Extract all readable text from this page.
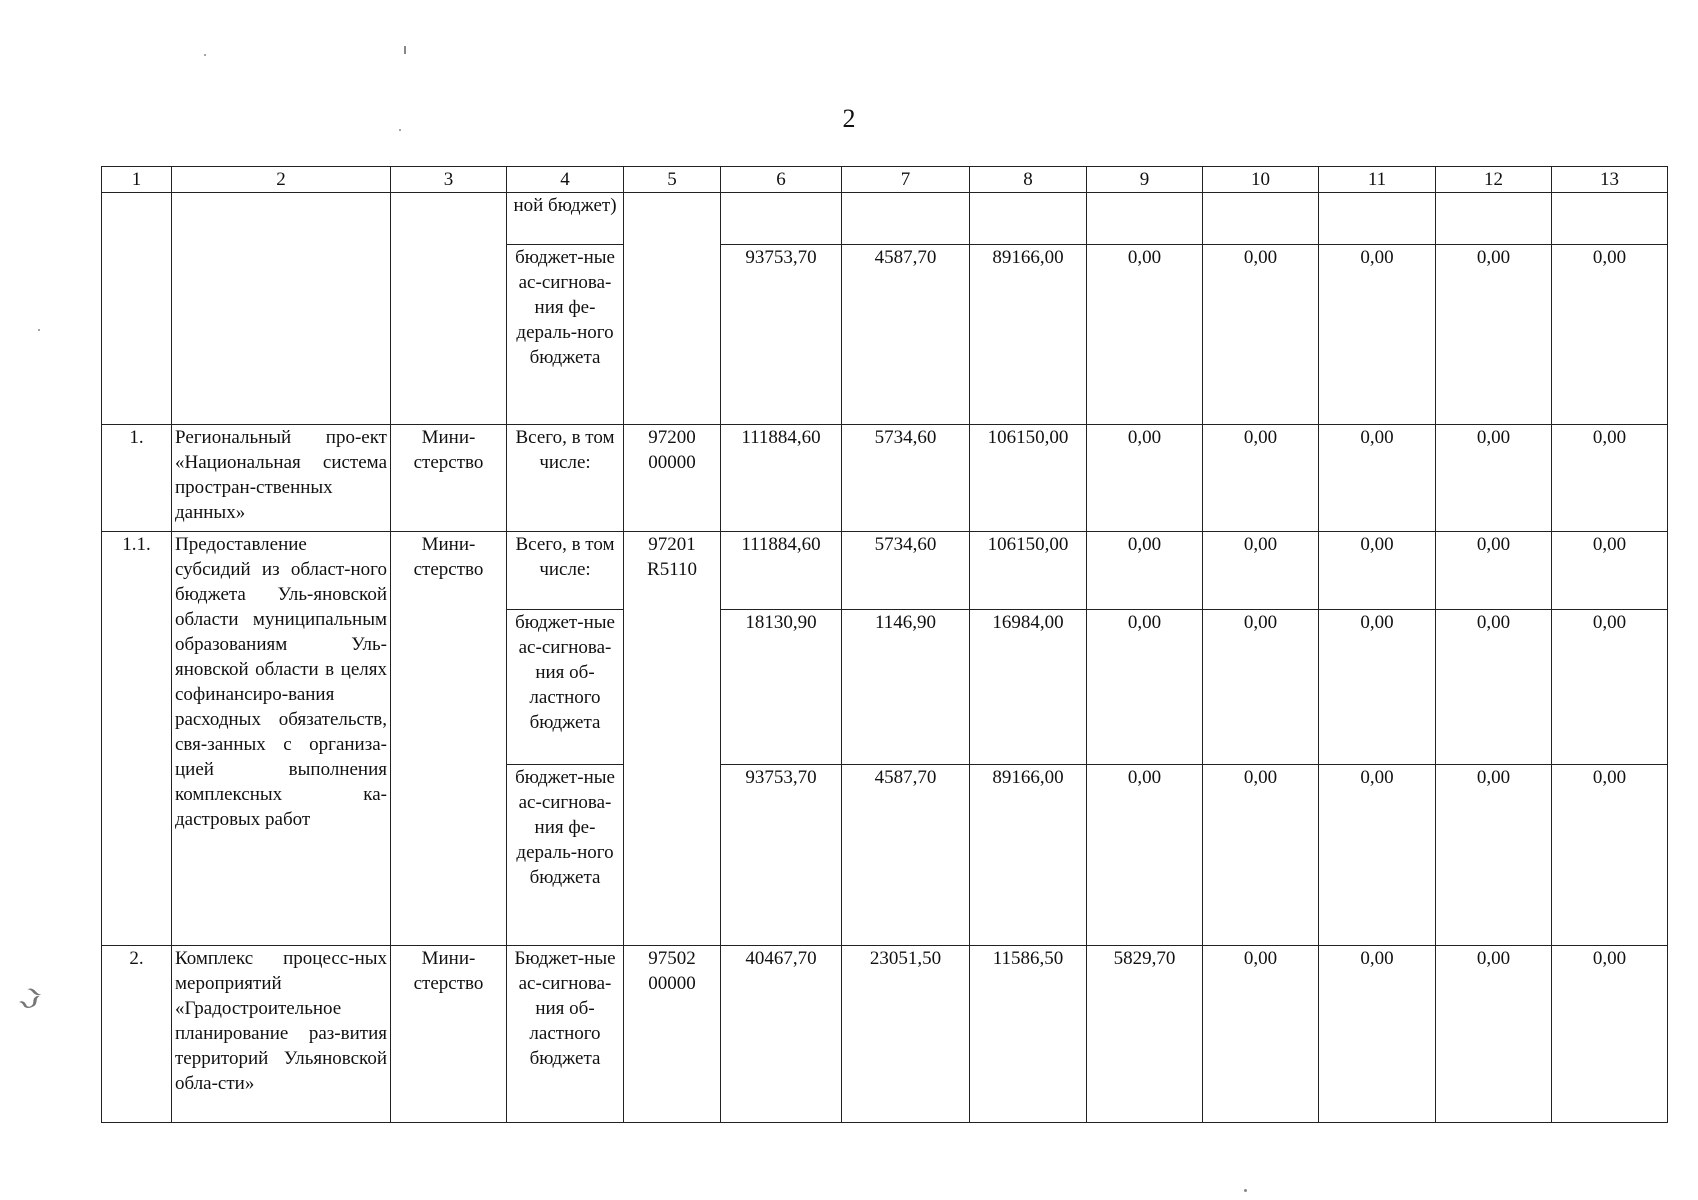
ℑ
2
1	2	3	4	5	6	7	8	9	10	11	12	13
			ной бюджет)									
			бюджет-ные ас-сигнова-ния фе-дераль-ного бюджета		93753,70	4587,70	89166,00	0,00	0,00	0,00	0,00	0,00
1.	Региональный про-ект «Национальная система простран-ственных данных»	Мини-стерство	Всего, в том числе:	97200 00000	111884,60	5734,60	106150,00	0,00	0,00	0,00	0,00	0,00
1.1.	Предоставление субсидий из област-ного бюджета Уль-яновской области муниципальным образованиям Уль-яновской области в целях софинансиро-вания расходных обязательств, свя-занных с организа-цией выполнения комплексных ка-дастровых работ	Мини-стерство	Всего, в том числе:	97201 R5110	111884,60	5734,60	106150,00	0,00	0,00	0,00	0,00	0,00
			бюджет-ные ас-сигнова-ния об-ластного бюджета		18130,90	1146,90	16984,00	0,00	0,00	0,00	0,00	0,00
			бюджет-ные ас-сигнова-ния фе-дераль-ного бюджета		93753,70	4587,70	89166,00	0,00	0,00	0,00	0,00	0,00
2.	Комплекс процесс-ных мероприятий «Градостроительное планирование раз-вития территорий Ульяновской обла-сти»	Мини-стерство	Бюджет-ные ас-сигнова-ния об-ластного бюджета	97502 00000	40467,70	23051,50	11586,50	5829,70	0,00	0,00	0,00	0,00
